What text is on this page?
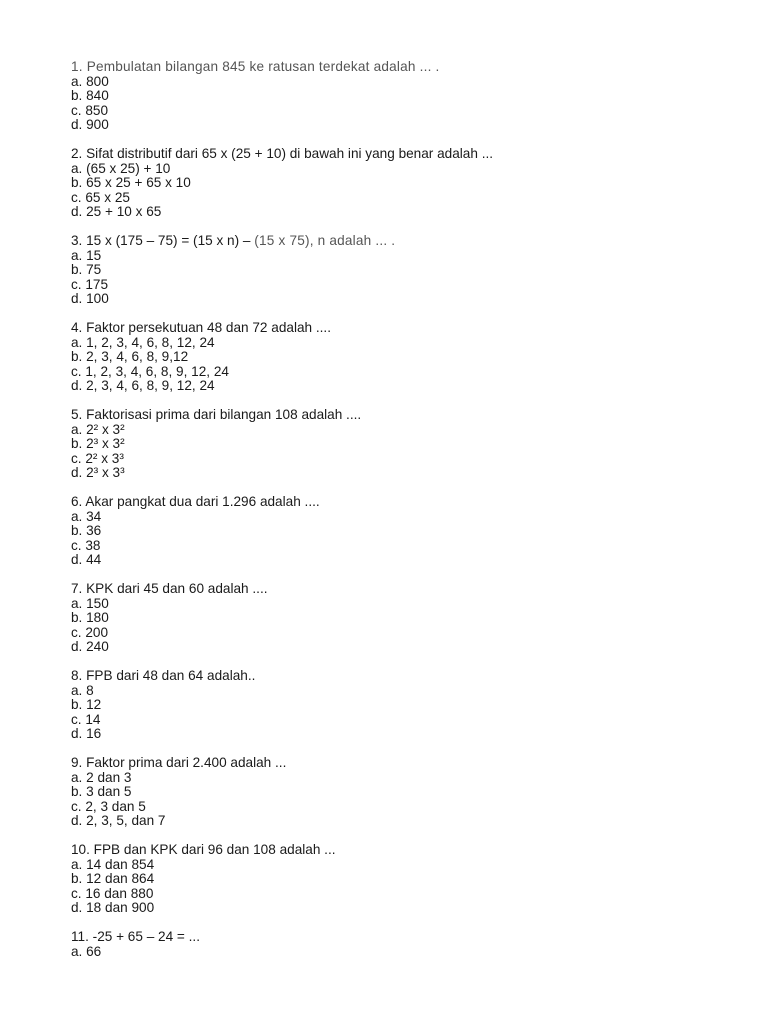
1. Pembulatan bilangan 845 ke ratusan terdekat adalah ... .
a. 800
b. 840
c. 850
d. 900
2. Sifat distributif dari 65 x (25 + 10) di bawah ini yang benar adalah ...
a. (65 x 25) + 10
b. 65 x 25 + 65 x 10
c. 65 x 25
d. 25 + 10 x 65
3. 15 x (175 – 75) = (15 x n) – (15 x 75), n adalah ... .
a. 15
b. 75
c. 175
d. 100
4. Faktor persekutuan 48 dan 72 adalah ....
a. 1, 2, 3, 4, 6, 8, 12, 24
b. 2, 3, 4, 6, 8, 9,12
c. 1, 2, 3, 4, 6, 8, 9, 12, 24
d. 2, 3, 4, 6, 8, 9, 12, 24
5. Faktorisasi prima dari bilangan 108 adalah ....
a. 2² x 3²
b. 2³ x 3²
c. 2² x 3³
d. 2³ x 3³
6. Akar pangkat dua dari 1.296 adalah ....
a. 34
b. 36
c. 38
d. 44
7. KPK dari 45 dan 60 adalah ....
a. 150
b. 180
c. 200
d. 240
8. FPB dari 48 dan 64 adalah..
a. 8
b. 12
c. 14
d. 16
9. Faktor prima dari 2.400 adalah ...
a. 2 dan 3
b. 3 dan 5
c. 2, 3 dan 5
d. 2, 3, 5, dan 7
10. FPB dan KPK dari 96 dan 108 adalah ...
a. 14 dan 854
b. 12 dan 864
c. 16 dan 880
d. 18 dan 900
11. -25 + 65 – 24 = ...
a. 66
